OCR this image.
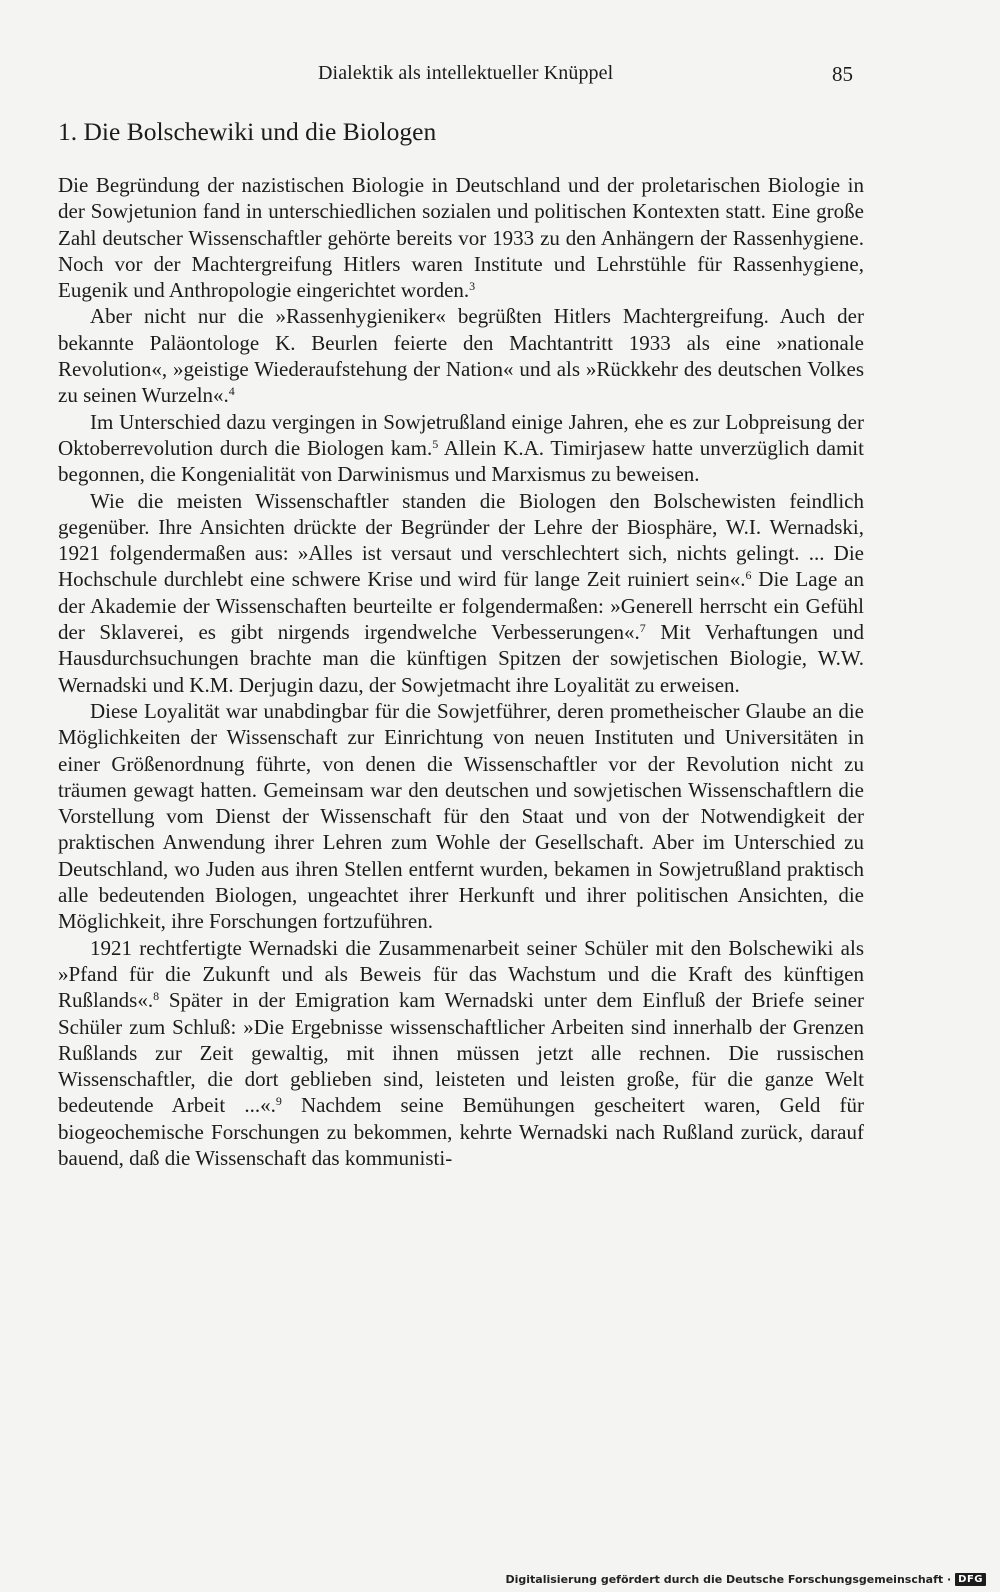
Dialektik als intellektueller Knüppel	85
1. Die Bolschewiki und die Biologen

Die Begründung der nazistischen Biologie in Deutschland und der proletarischen Biologie in der Sowjetunion fand in unterschiedlichen sozialen und politischen Kontexten statt. Eine große Zahl deutscher Wissenschaftler gehörte bereits vor 1933 zu den Anhängern der Rassenhygiene. Noch vor der Machtergreifung Hitlers waren Institute und Lehrstühle für Rassenhygiene, Eugenik und Anthropologie eingerichtet worden.$^3$

Aber nicht nur die »Rassenhygieniker« begrüßten Hitlers Machtergreifung. Auch der bekannte Paläontologe K. Beurlen feierte den Machtantritt 1933 als eine »nationale Revolution«, »geistige Wiederaufstehung der Nation« und als »Rückkehr des deutschen Volkes zu seinen Wurzeln«.$^4$

Im Unterschied dazu vergingen in Sowjetrußland einige Jahren, ehe es zur Lobpreisung der Oktoberrevolution durch die Biologen kam.$^5$ Allein K.A. Timirjasew hatte unverzüglich damit begonnen, die Kongenialität von Darwinismus und Marxismus zu beweisen.

Wie die meisten Wissenschaftler standen die Biologen den Bolschewisten feindlich gegenüber. Ihre Ansichten drückte der Begründer der Lehre der Biosphäre, W.I. Wernadski, 1921 folgendermaßen aus: »Alles ist versaut und verschlechtert sich, nichts gelingt. ... Die Hochschule durchlebt eine schwere Krise und wird für lange Zeit ruiniert sein«.$^6$ Die Lage an der Akademie der Wissenschaften beurteilte er folgendermaßen: »Generell herrscht ein Gefühl der Sklaverei, es gibt nirgends irgendwelche Verbesserungen«.$^7$ Mit Verhaftungen und Hausdurchsuchungen brachte man die künftigen Spitzen der sowjetischen Biologie, W.W. Wernadski und K.M. Derjugin dazu, der Sowjetmacht ihre Loyalität zu erweisen.

Diese Loyalität war unabdingbar für die Sowjetführer, deren prometheischer Glaube an die Möglichkeiten der Wissenschaft zur Einrichtung von neuen Instituten und Universitäten in einer Größenordnung führte, von denen die Wissenschaftler vor der Revolution nicht zu träumen gewagt hatten. Gemeinsam war den deutschen und sowjetischen Wissenschaftlern die Vorstellung vom Dienst der Wissenschaft für den Staat und von der Notwendigkeit der praktischen Anwendung ihrer Lehren zum Wohle der Gesellschaft. Aber im Unterschied zu Deutschland, wo Juden aus ihren Stellen entfernt wurden, bekamen in Sowjetrußland praktisch alle bedeutenden Biologen, ungeachtet ihrer Herkunft und ihrer politischen Ansichten, die Möglichkeit, ihre Forschungen fortzuführen.

1921 rechtfertigte Wernadski die Zusammenarbeit seiner Schüler mit den Bolschewiki als »Pfand für die Zukunft und als Beweis für das Wachstum und die Kraft des künftigen Rußlands«.$^8$ Später in der Emigration kam Wernadski unter dem Einfluß der Briefe seiner Schüler zum Schluß: »Die Ergebnisse wissenschaftlicher Arbeiten sind innerhalb der Grenzen Rußlands zur Zeit gewaltig, mit ihnen müssen jetzt alle rechnen. Die russischen Wissenschaftler, die dort geblieben sind, leisteten und leisten große, für die ganze Welt bedeutende Arbeit ...«.$^9$ Nachdem seine Bemühungen gescheitert waren, Geld für biogeochemische Forschungen zu bekommen, kehrte Wernadski nach Rußland zurück, darauf bauend, daß die Wissenschaft das kommunisti-

Digitalisierung gefördert durch die Deutsche Forschungsgemeinschaft · DFG
